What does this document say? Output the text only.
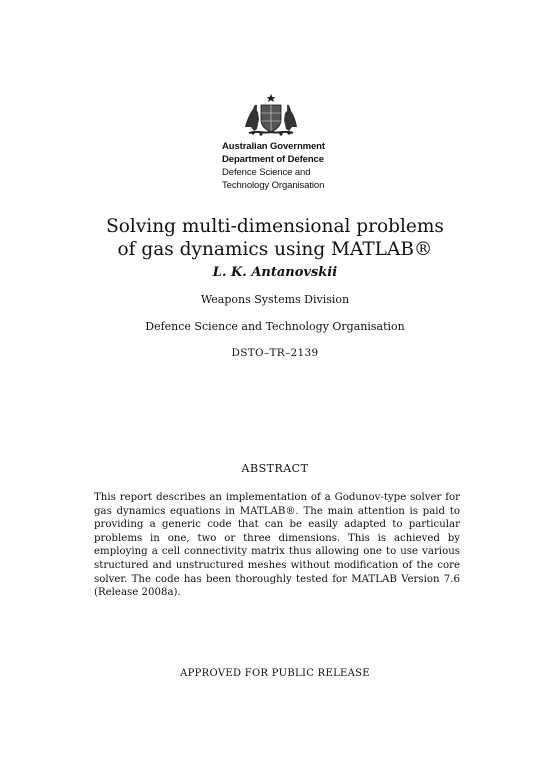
Australian Government
Department of Defence
Defence Science and
Technology Organisation
Solving multi-dimensional problems
of gas dynamics using MATLAB®
L. K. Antanovskii
Weapons Systems Division
Defence Science and Technology Organisation
DSTO–TR–2139
ABSTRACT
This report describes an implementation of a Godunov-type solver for gas dynamics equations in MATLAB®. The main attention is paid to providing a generic code that can be easily adapted to particular problems in one, two or three dimensions. This is achieved by employing a cell connectivity matrix thus allowing one to use various structured and unstructured meshes without modification of the core solver. The code has been thoroughly tested for MATLAB Version 7.6 (Release 2008a).
APPROVED FOR PUBLIC RELEASE
